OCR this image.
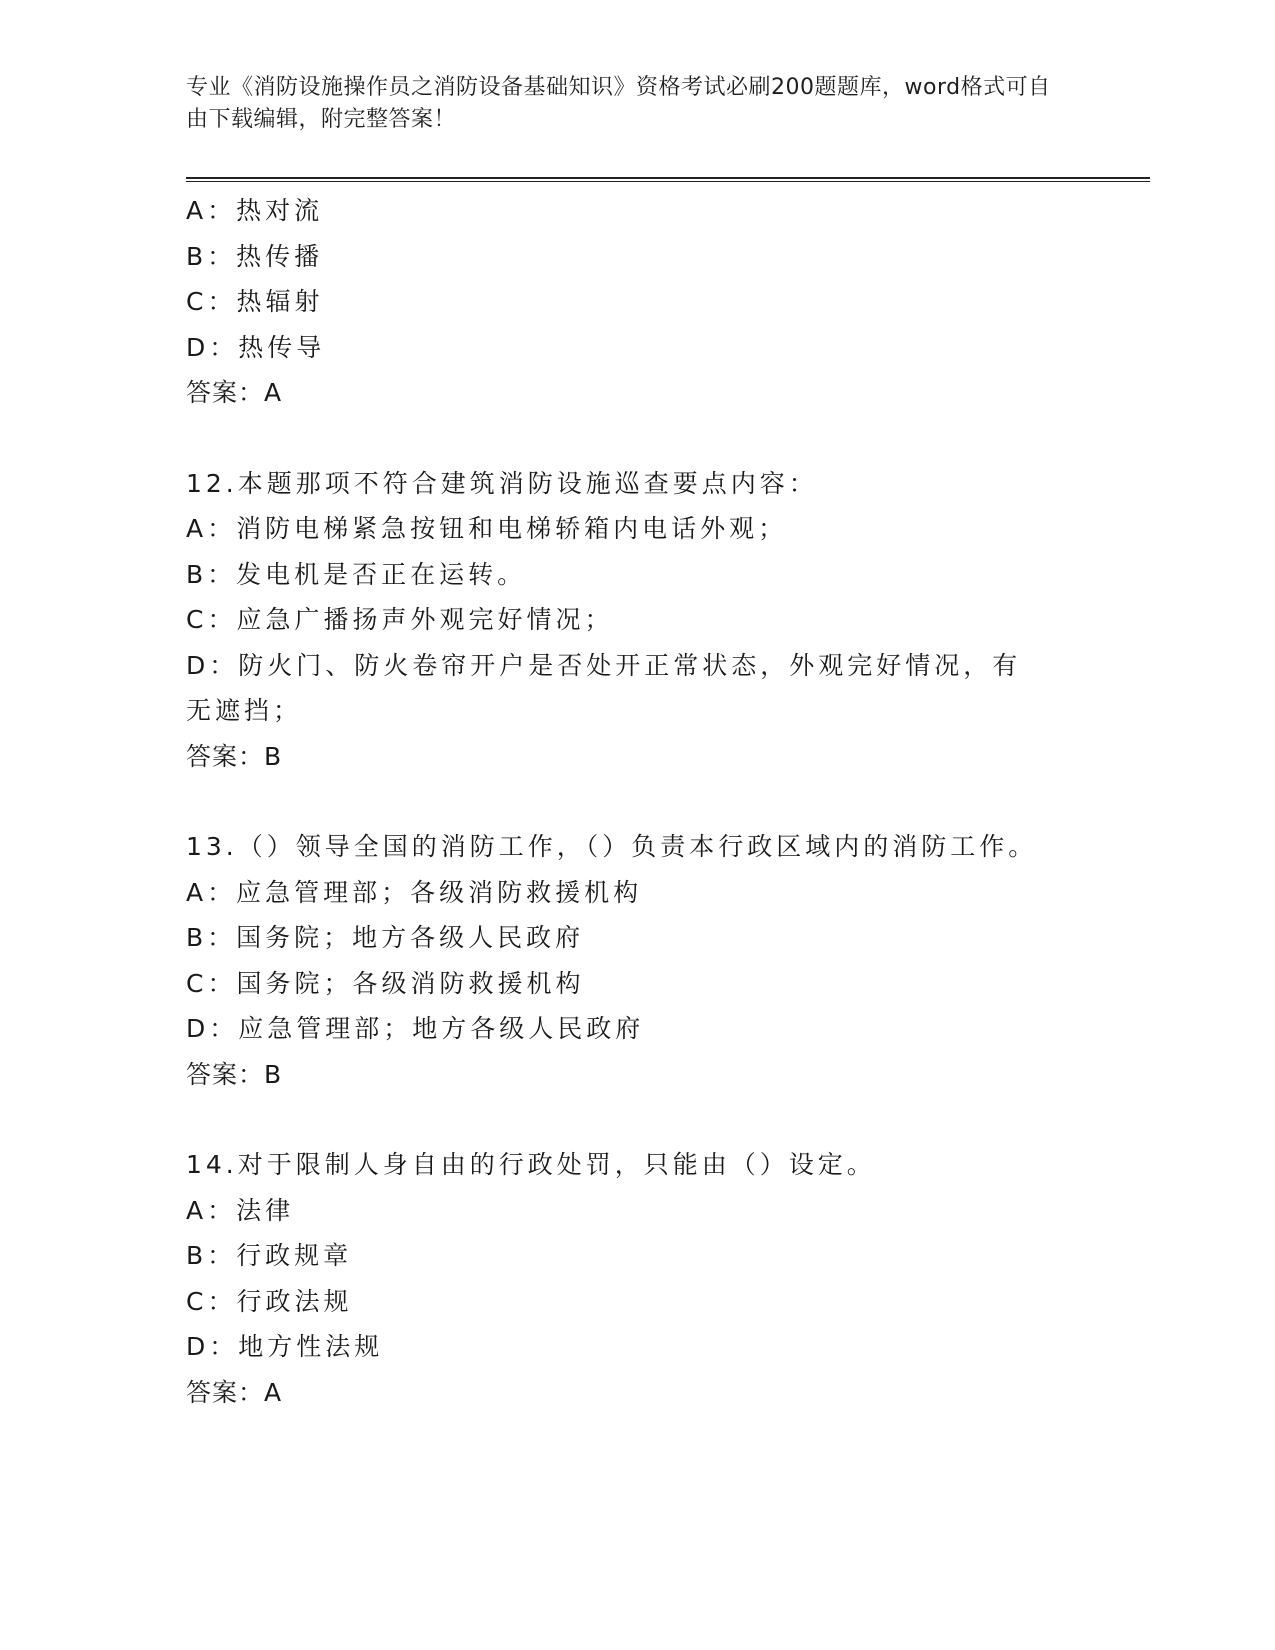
专业《消防设施操作员之消防设备基础知识》资格考试必刷200题题库，word格式可自由下载编辑，附完整答案！
A：热对流
B：热传播
C：热辐射
D：热传导
答案：A
12.本题那项不符合建筑消防设施巡查要点内容：
A：消防电梯紧急按钮和电梯轿箱内电话外观；
B：发电机是否正在运转。
C：应急广播扬声外观完好情况；
D：防火门、防火卷帘开户是否处开正常状态，外观完好情况，有无遮挡；
答案：B
13.（）领导全国的消防工作，（）负责本行政区域内的消防工作。
A：应急管理部；各级消防救援机构
B：国务院；地方各级人民政府
C：国务院；各级消防救援机构
D：应急管理部；地方各级人民政府
答案：B
14.对于限制人身自由的行政处罚，只能由（）设定。
A：法律
B：行政规章
C：行政法规
D：地方性法规
答案：A
